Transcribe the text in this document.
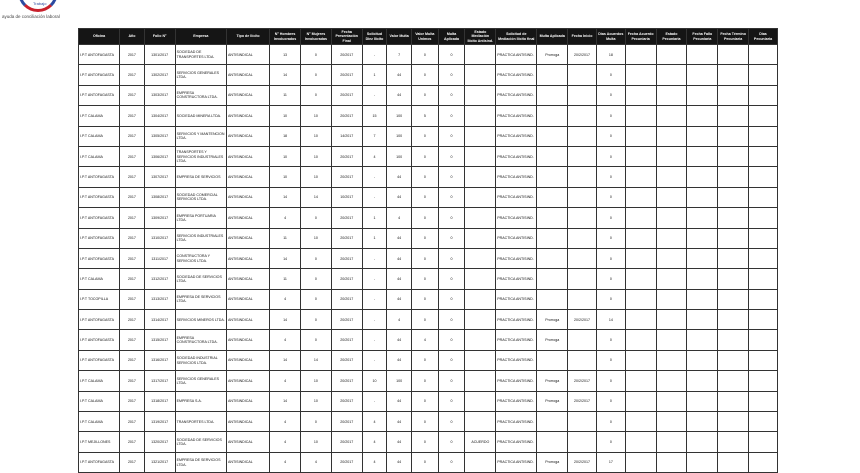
Trabajo
ayuda de conciliación laboral
Oficina	Año	Folio N°	Empresa	Tipo de Ilícito	N° Hombres Involucrados	N° Mujeres Involucradas	Fecha Presentación Final	Solicitud Diez Ilícito	Valor Multa	Valor Multa Unimos	Multa Aplicada	Estado Mediación Ilícito Antisind.	Solicitud de Mediación Ilícito final	Multa Aplicada	Fecha Inicio	Días Acuerdos Multa	Fecha Acuerdo Pecuniaria	Estado Pecuniaria	Fecha Fallo Pecuniaria	Fecha Término Pecuniaria	Días Pecuniaria
I.P.T ANTOFAGASTA	2017	1301/2017	SOCIEDAD DE TRANSPORTES LTDA.	ANTISINDICAL	13	0	20/2017	-	7	0	0		PRACTICA ANTISIND.	Prorroga	20/2/2017	18					
I.P.T ANTOFAGASTA	2017	1302/2017	SERVICIOS GENERALES LTDA.	ANTISINDICAL	14	0	20/2017	1	44	0	0		PRACTICA ANTISIND.			0					
I.P.T ANTOFAGASTA	2017	1303/2017	EMPRESA CONSTRUCTORA LTDA.	ANTISINDICAL	11	0	20/2017	-	44	0	0		PRACTICA ANTISIND.			0					
I.P.T CALAMA	2017	1304/2017	SOCIEDAD MINERA LTDA.	ANTISINDICAL	10	10	20/2017	15	100	5	0		PRACTICA ANTISIND.			0					
I.P.T CALAMA	2017	1305/2017	SERVICIOS Y MANTENCION LTDA.	ANTISINDICAL	18	10	14/2017	7	100	0	0		PRACTICA ANTISIND.			0					
I.P.T CALAMA	2017	1306/2017	TRANSPORTES Y SERVICIOS INDUSTRIALES LTDA.	ANTISINDICAL	10	10	20/2017	4	100	0	0		PRACTICA ANTISIND.			0					
I.P.T ANTOFAGASTA	2017	1307/2017	EMPRESA DE SERVICIOS	ANTISINDICAL	10	10	20/2017	-	44	0	0		PRACTICA ANTISIND.			0					
I.P.T ANTOFAGASTA	2017	1308/2017	SOCIEDAD COMERCIAL SERVICIOS LTDA.	ANTISINDICAL	14	14	10/2017	-	44	0	0		PRACTICA ANTISIND.			0					
I.P.T ANTOFAGASTA	2017	1309/2017	EMPRESA PORTUARIA LTDA.	ANTISINDICAL	4	0	20/2017	1	4	0	0		PRACTICA ANTISIND.			0					
I.P.T ANTOFAGASTA	2017	1310/2017	SERVICIOS INDUSTRIALES LTDA.	ANTISINDICAL	11	10	20/2017	1	44	0	0		PRACTICA ANTISIND.			0					
I.P.T ANTOFAGASTA	2017	1311/2017	CONSTRUCTORA Y SERVICIOS LTDA.	ANTISINDICAL	14	0	20/2017	-	44	0	0		PRACTICA ANTISIND.			0					
I.P.T CALAMA	2017	1312/2017	SOCIEDAD DE SERVICIOS LTDA.	ANTISINDICAL	11	0	20/2017	-	44	0	0		PRACTICA ANTISIND.			0					
I.P.T TOCOPILLA	2017	1313/2017	EMPRESA DE SERVICIOS LTDA.	ANTISINDICAL	4	0	20/2017	-	44	0	0		PRACTICA ANTISIND.			0					
I.P.T ANTOFAGASTA	2017	1314/2017	SERVICIOS MINEROS LTDA.	ANTISINDICAL	14	0	20/2017	-	4	0	0		PRACTICA ANTISIND.	Prorroga	20/2/2017	14					
I.P.T ANTOFAGASTA	2017	1315/2017	EMPRESA CONSTRUCTORA LTDA.	ANTISINDICAL	4	0	20/2017	-	44	4	0		PRACTICA ANTISIND.	Prorroga		0					
I.P.T ANTOFAGASTA	2017	1316/2017	SOCIEDAD INDUSTRIAL SERVICIOS LTDA.	ANTISINDICAL	14	14	20/2017	-	44	0	0		PRACTICA ANTISIND.			0					
I.P.T CALAMA	2017	1317/2017	SERVICIOS GENERALES LTDA.	ANTISINDICAL	4	10	20/2017	10	100	0	0		PRACTICA ANTISIND.	Prorroga	20/2/2017	0					
I.P.T CALAMA	2017	1318/2017	EMPRESA S.A.	ANTISINDICAL	14	10	20/2017	-	44	0	0		PRACTICA ANTISIND.	Prorroga	20/2/2017	0					
I.P.T CALAMA	2017	1319/2017	TRANSPORTES LTDA.	ANTISINDICAL	4	0	20/2017	4	44	0	0		PRACTICA ANTISIND.			0					
I.P.T MEJILLONES	2017	1320/2017	SOCIEDAD DE SERVICIOS LTDA.	ANTISINDICAL	4	10	20/2017	4	44	0	0	ACUERDO	PRACTICA ANTISIND.			0					
I.P.T ANTOFAGASTA	2017	1321/2017	EMPRESA DE SERVICIOS LTDA.	ANTISINDICAL	4	4	20/2017	4	44	0	0		PRACTICA ANTISIND.	Prorroga	20/2/2017	17					
